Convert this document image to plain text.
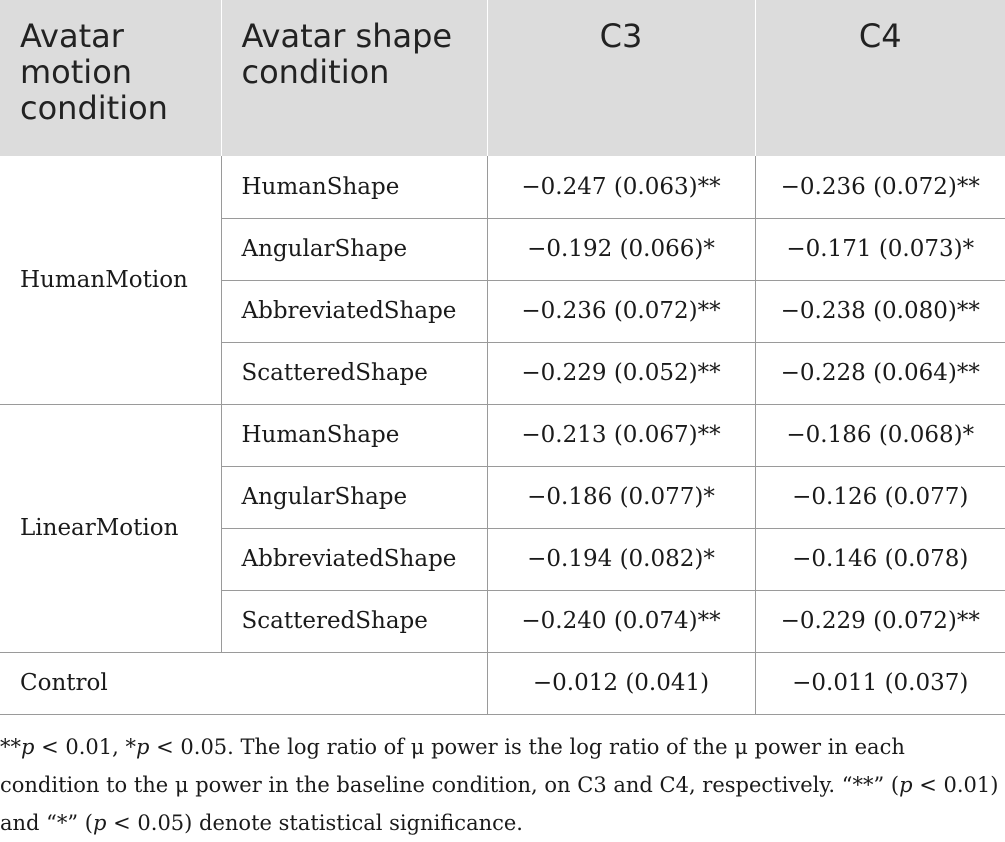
Avatar motion condition	Avatar shape condition	C3	C4
HumanMotion	HumanShape	−0.247 (0.063)**	−0.236 (0.072)**
	AngularShape	−0.192 (0.066)*	−0.171 (0.073)*
	AbbreviatedShape	−0.236 (0.072)**	−0.238 (0.080)**
	ScatteredShape	−0.229 (0.052)**	−0.228 (0.064)**
LinearMotion	HumanShape	−0.213 (0.067)**	−0.186 (0.068)*
	AngularShape	−0.186 (0.077)*	−0.126 (0.077)
	AbbreviatedShape	−0.194 (0.082)*	−0.146 (0.078)
	ScatteredShape	−0.240 (0.074)**	−0.229 (0.072)**
Control		−0.012 (0.041)	−0.011 (0.037)

**p < 0.01, *p < 0.05. The log ratio of μ power is the log ratio of the μ power in each condition to the μ power in the baseline condition, on C3 and C4, respectively. “**” (p < 0.01) and “*” (p < 0.05) denote statistical significance.
